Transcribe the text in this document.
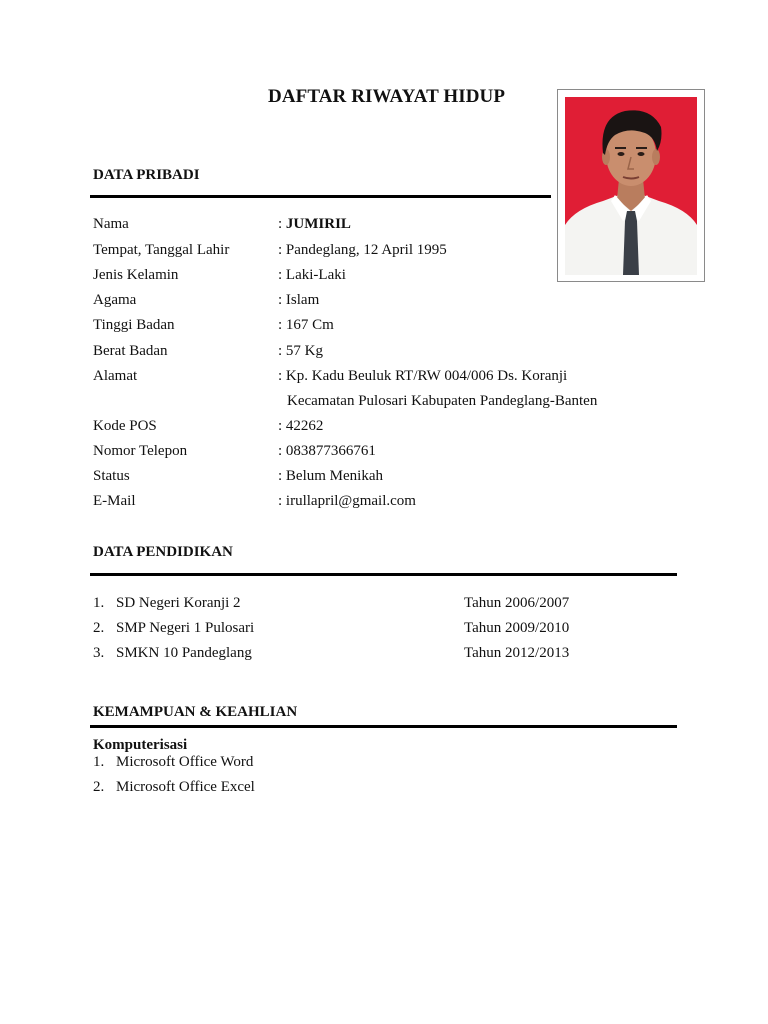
DAFTAR RIWAYAT HIDUP
DATA PRIBADI
Nama	: JUMIRIL
Tempat, Tanggal Lahir	: Pandeglang, 12 April 1995
Jenis Kelamin	: Laki-Laki
Agama	: Islam
Tinggi Badan	: 167 Cm
Berat Badan	: 57 Kg
Alamat	: Kp. Kadu Beuluk RT/RW 004/006 Ds. Koranji
Kecamatan Pulosari Kabupaten Pandeglang-Banten
Kode POS	: 42262
Nomor Telepon	: 083877366761
Status	: Belum Menikah
E-Mail	: irullapril@gmail.com
DATA PENDIDIKAN
1. SD Negeri Koranji 2	Tahun 2006/2007
2. SMP Negeri 1 Pulosari	Tahun 2009/2010
3. SMKN 10 Pandeglang	Tahun 2012/2013
KEMAMPUAN & KEAHLIAN
Komputerisasi
1. Microsoft Office Word
2. Microsoft Office Excel
